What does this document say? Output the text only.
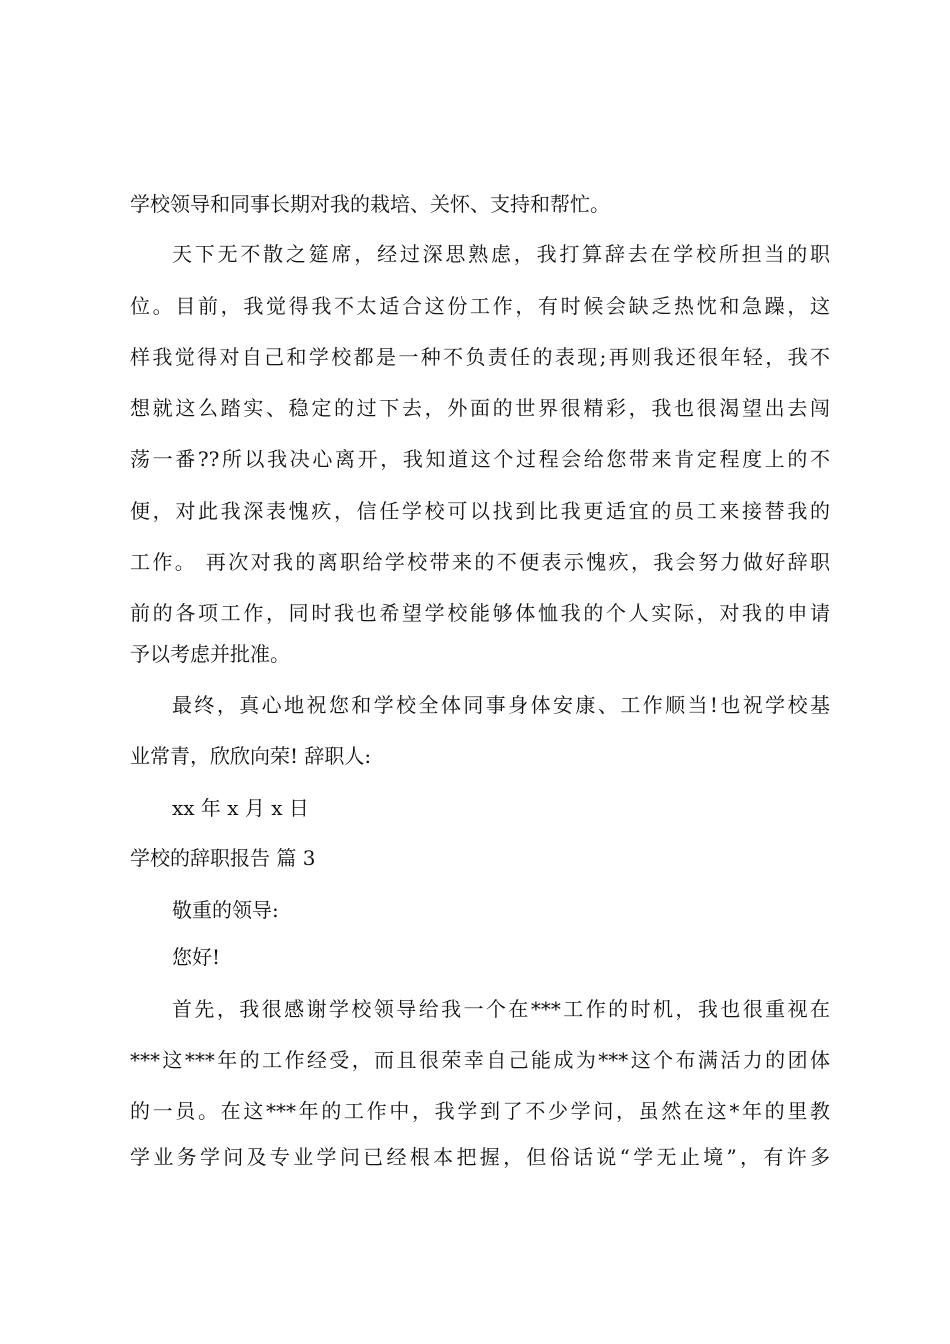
学校领导和同事长期对我的栽培、关怀、支持和帮忙。
天下无不散之筵席，经过深思熟虑，我打算辞去在学校所担当的职
位。目前，我觉得我不太适合这份工作，有时候会缺乏热忱和急躁，这
样我觉得对自己和学校都是一种不负责任的表现;再则我还很年轻，我不
想就这么踏实、稳定的过下去，外面的世界很精彩，我也很渴望出去闯
荡一番??所以我决心离开，我知道这个过程会给您带来肯定程度上的不
便，对此我深表愧疚，信任学校可以找到比我更适宜的员工来接替我的
工作。 再次对我的离职给学校带来的不便表示愧疚，我会努力做好辞职
前的各项工作，同时我也希望学校能够体恤我的个人实际，对我的申请
予以考虑并批准。
最终，真心地祝您和学校全体同事身体安康、工作顺当!也祝学校基
业常青，欣欣向荣! 辞职人:
xx 年 x 月 x 日
学校的辞职报告 篇 3
敬重的领导:
您好!
首先，我很感谢学校领导给我一个在***工作的时机，我也很重视在
***这***年的工作经受，而且很荣幸自己能成为***这个布满活力的团体
的一员。在这***年的工作中，我学到了不少学问，虽然在这*年的里教
学业务学问及专业学问已经根本把握，但俗话说“学无止境”，有许多
